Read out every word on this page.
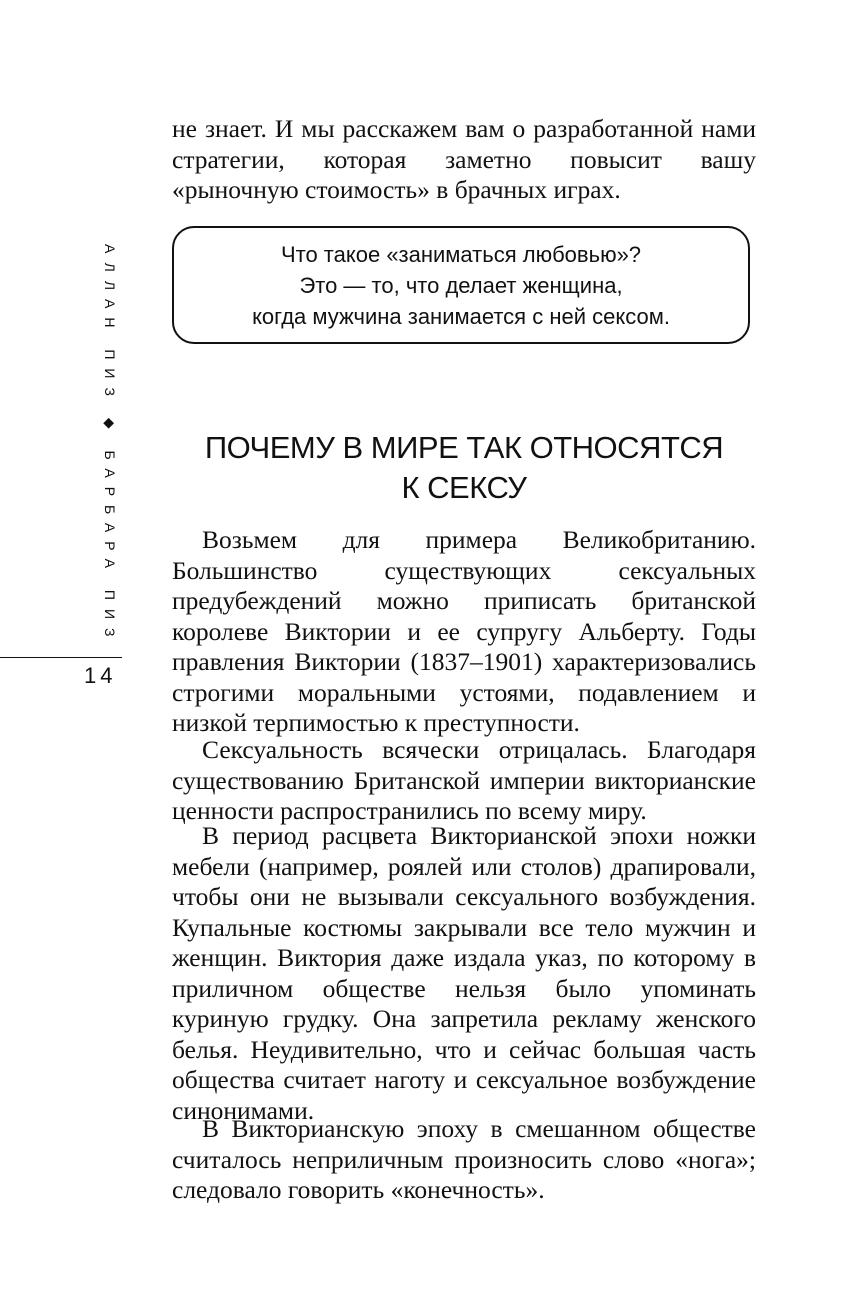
АЛЛАН ПИЗ ◆ БАРБАРА ПИЗ
14

не знает. И мы расскажем вам о разработанной нами стратегии, которая заметно повысит вашу «рыночную стоимость» в брачных играх.

Что такое «заниматься любовью»?
Это — то, что делает женщина,
когда мужчина занимается с ней сексом.
ПОЧЕМУ В МИРЕ ТАК ОТНОСЯТСЯ
К СЕКСУ

Возьмем для примера Великобританию. Большинство существующих сексуальных предубеждений можно приписать британской королеве Виктории и ее супругу Альберту. Годы правления Виктории (1837–1901) характеризовались строгими моральными устоями, подавлением и низкой терпимостью к преступности.

Сексуальность всячески отрицалась. Благодаря существованию Британской империи викторианские ценности распространились по всему миру.

В период расцвета Викторианской эпохи ножки мебели (например, роялей или столов) драпировали, чтобы они не вызывали сексуального возбуждения. Купальные костюмы закрывали все тело мужчин и женщин. Виктория даже издала указ, по которому в приличном обществе нельзя было упоминать куриную грудку. Она запретила рекламу женского белья. Неудивительно, что и сейчас большая часть общества считает наготу и сексуальное возбуждение синонимами.

В Викторианскую эпоху в смешанном обществе считалось неприличным произносить слово «нога»; следовало говорить «конечность».
